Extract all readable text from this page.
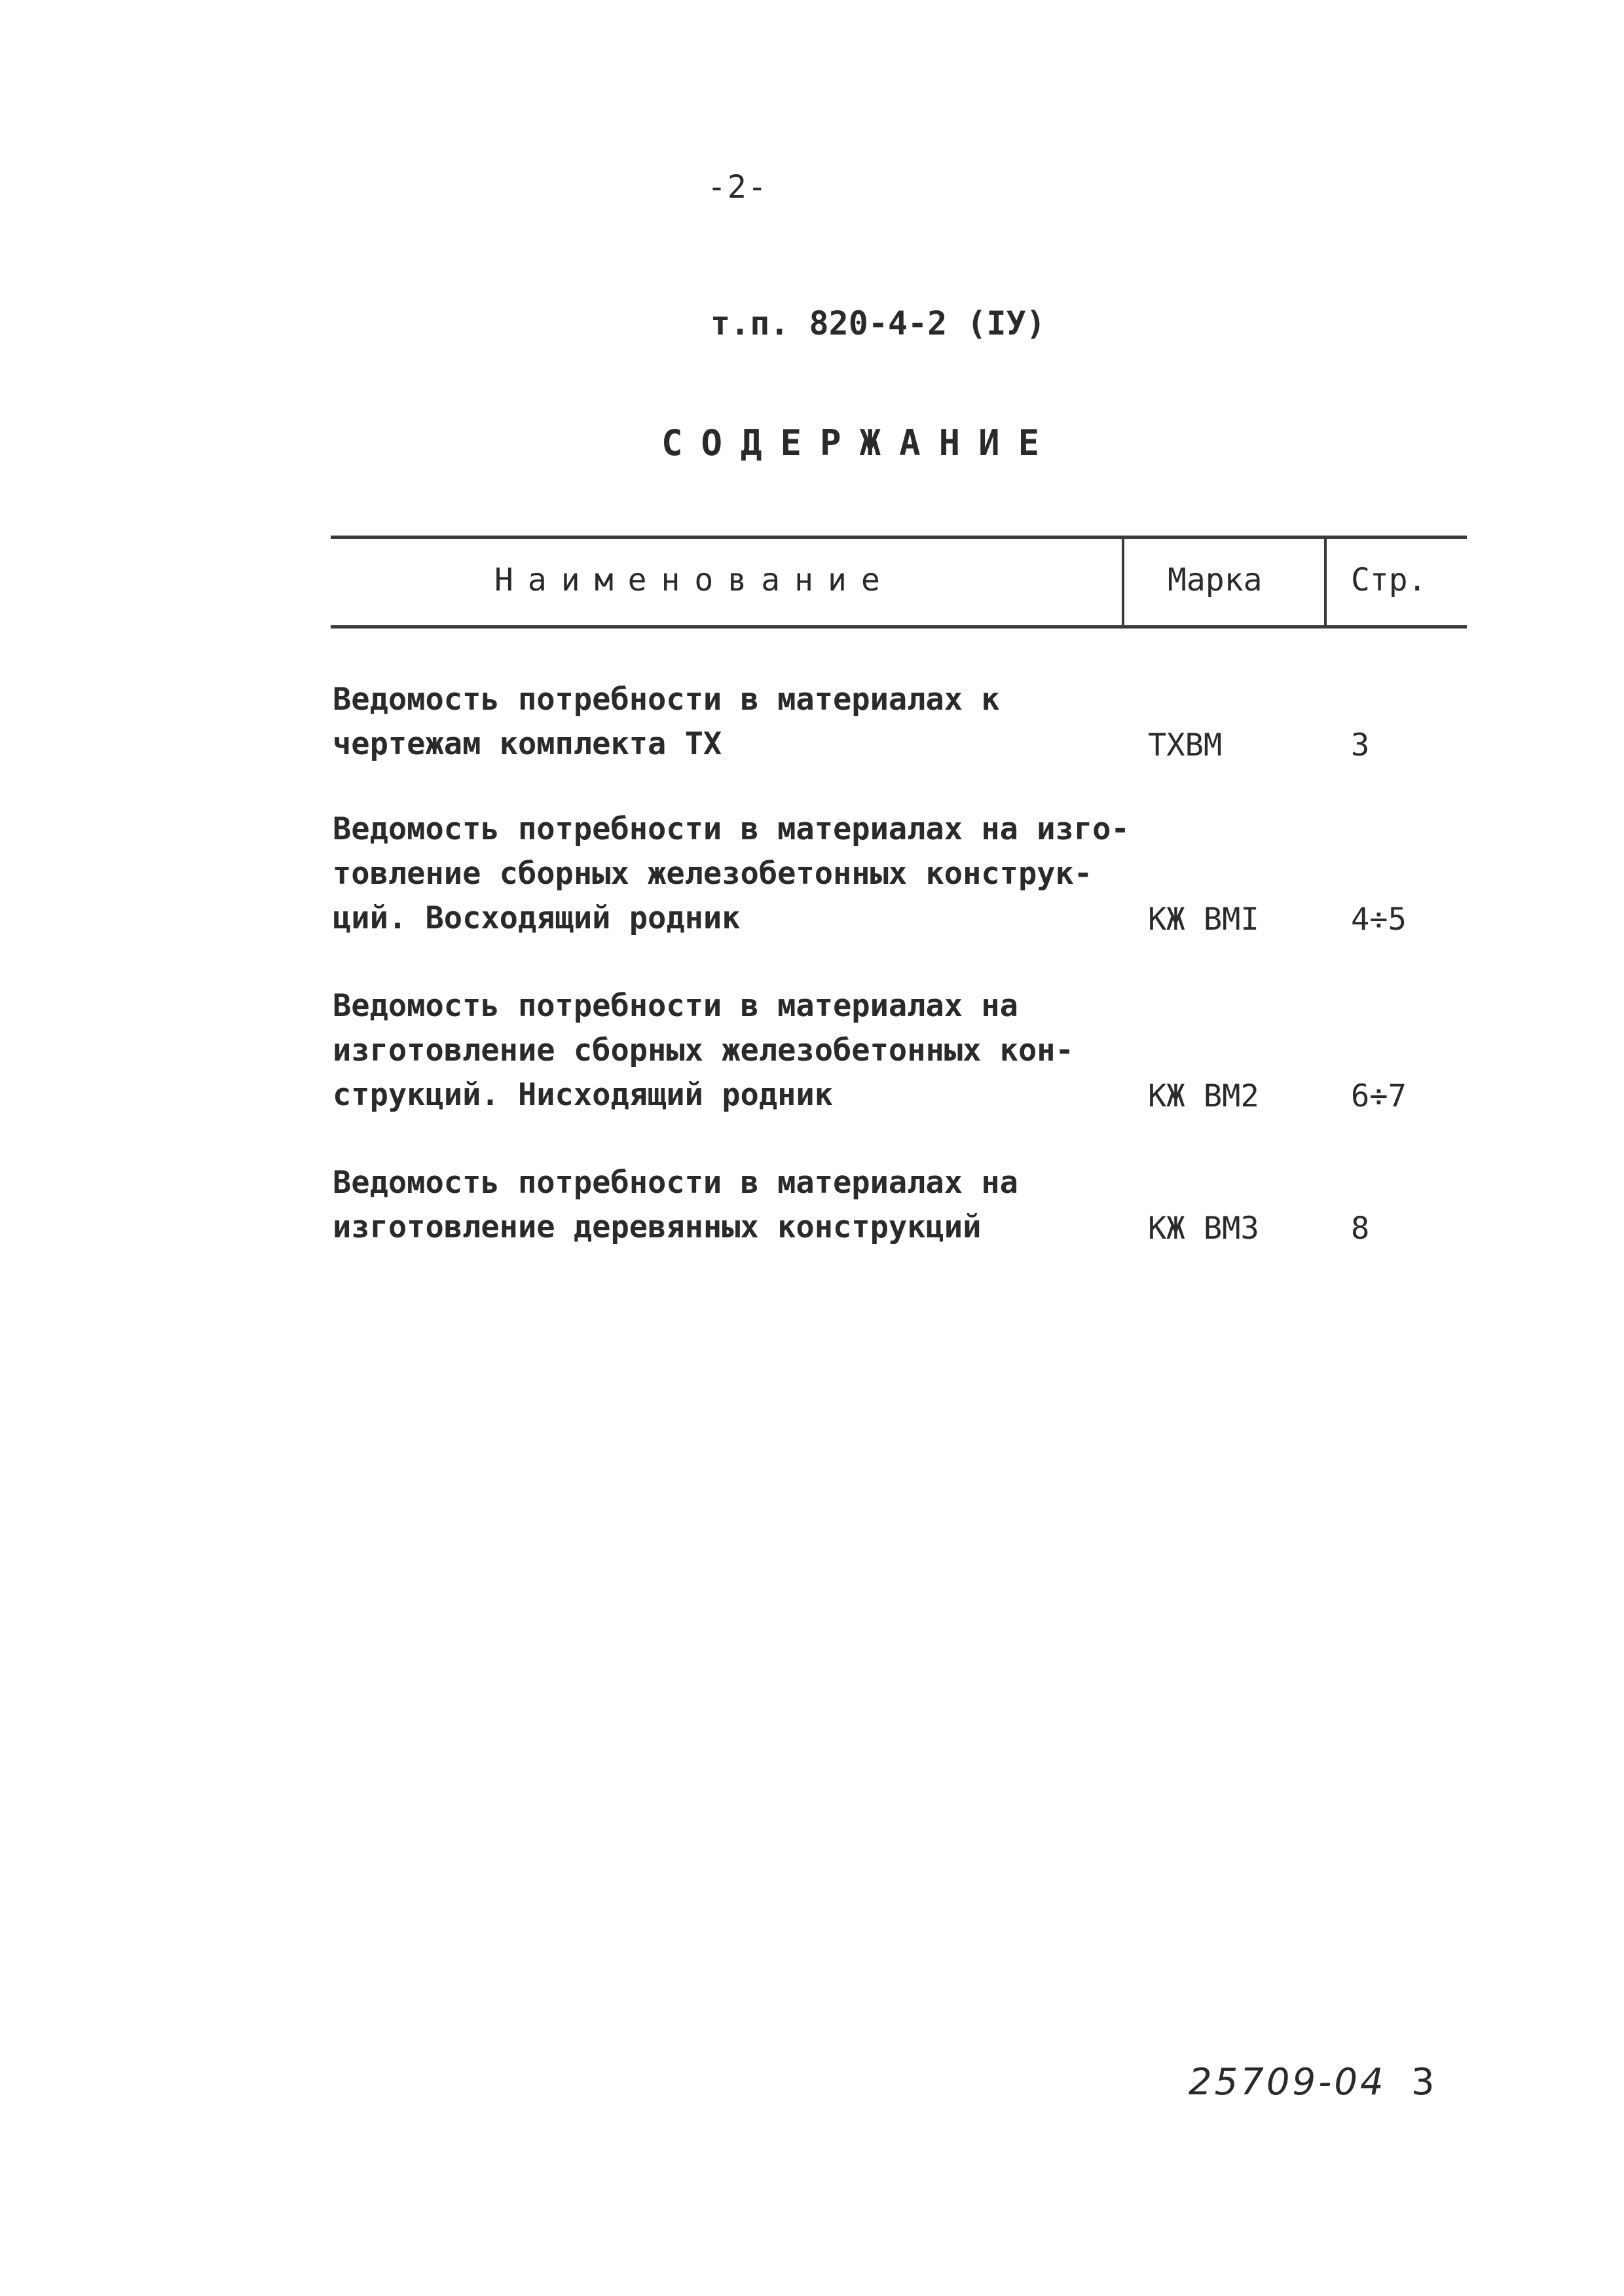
-2-
т.п. 820-4-2 (IУ)
СОДЕРЖАНИЕ
Наименование	Марка	Стр.
Ведомость потребности в материалах к
чертежам комплекта ТХ	ТХВМ	3
Ведомость потребности в материалах на изго-
товление сборных железобетонных конструк-
ций. Восходящий родник	КЖ ВМI	4÷5
Ведомость потребности в материалах на
изготовление сборных железобетонных кон-
струкций. Нисходящий родник	КЖ ВМ2	6÷7
Ведомость потребности в материалах на
изготовление деревянных конструкций	КЖ ВМ3	8
25709-04 3
